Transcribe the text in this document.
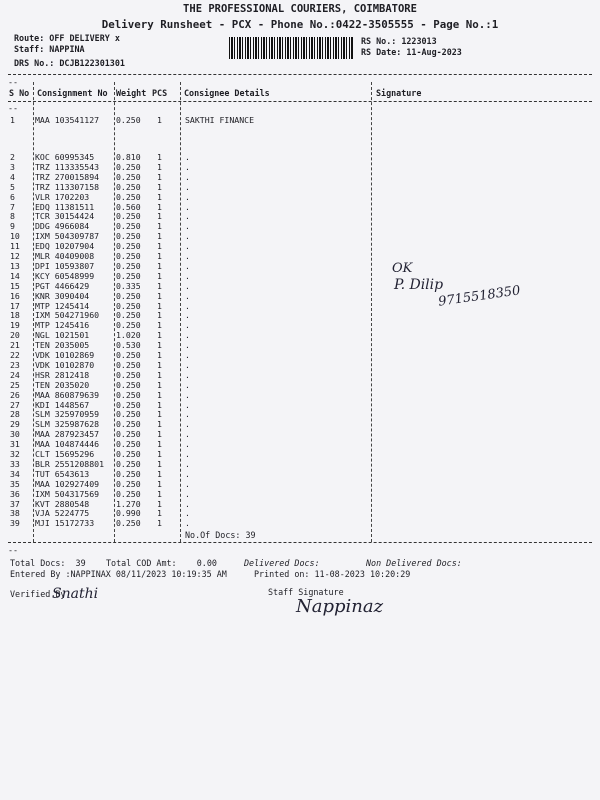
THE PROFESSIONAL COURIERS, COIMBATORE
Delivery Runsheet - PCX - Phone No.:0422-3505555 - Page No.:1
Route: OFF DELIVERY x
Staff: NAPPINA
DRS No.: DCJB122301301
RS No.: 1223013
RS Date: 11-Aug-2023
--
S No Consignment No Weight PCS Consignee Details	Signature
--
1 MAA 103541127 0.250 1	SAKTHI FINANCE
2 KOC 60995345	0.810 1	.
3 TRZ 113335543 0.250 1	.
4 TRZ 270015894 0.250 1	.
5 TRZ 113307158 0.250 1	.
6 VLR 1702203	0.250 1	.
7 EDQ 11381511	0.560 1	.
8 TCR 30154424	0.250 1	.
9 DDG 4966084	0.250 1	.
10 IXM 504309787 0.250 1	.
11 EDQ 10207904	0.250 1	.
12 MLR 40409008	0.250 1	.
13 DPI 10593807	0.250 1	.
14 KCY 60548999	0.250 1	.
15 PGT 4466429	0.335 1	.
16 KNR 3090404	0.250 1	.
17 MTP 1245414	0.250 1	.
18 IXM 504271960 0.250 1	.
19 MTP 1245416	0.250 1	.
20 NGL 1021501	1.020 1	.
21 TEN 2035005	0.530 1	.
22 VDK 10102869	0.250 1	.
23 VDK 10102870	0.250 1	.
24 HSR 2812418	0.250 1	.
25 TEN 2035020	0.250 1	.
26 MAA 860879639 0.250 1	.
27 KDI 1448567	0.250 1	.
28 SLM 325970959 0.250 1	.
29 SLM 325987628 0.250 1	.
30 MAA 287923457 0.250 1	.
31 MAA 104874446 0.250 1	.
32 CLT 15695296	0.250 1	.
33 BLR 2551208801 0.250 1	.
34 TUT 6543613	0.250 1	.
35 MAA 102927409 0.250 1	.
36 IXM 504317569 0.250 1	.
37 KVT 2880548	1.270 1	.
38 VJA 5224775	0.990 1	.
39 MJI 15172733	0.250 1	.
No.Of Docs: 39
--
Total Docs:  39 Total COD Amt:    0.00	Delivered Docs:	Non Delivered Docs:
Entered By :NAPPINAX 08/11/2023 10:19:35 AM	Printed on: 11-08-2023 10:20:29
Verified By	Staff Signature
OK
P. Dilip
9715518350
Snathi
Nappinaz
